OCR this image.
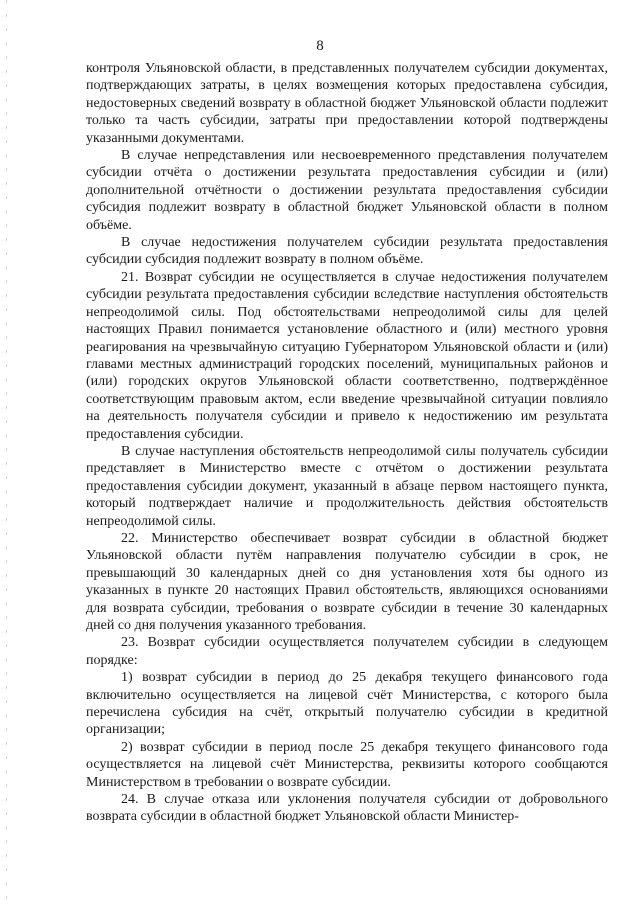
8

контроля Ульяновской области, в представленных получателем субсидии документах, подтверждающих затраты, в целях возмещения которых предоставлена субсидия, недостоверных сведений возврату в областной бюджет Ульяновской области подлежит только та часть субсидии, затраты при предоставлении которой подтверждены указанными документами.

В случае непредставления или несвоевременного представления получателем субсидии отчёта о достижении результата предоставления субсидии и (или) дополнительной отчётности о достижении результата предоставления субсидии субсидия подлежит возврату в областной бюджет Ульяновской области в полном объёме.

В случае недостижения получателем субсидии результата предоставления субсидии субсидия подлежит возврату в полном объёме.

21. Возврат субсидии не осуществляется в случае недостижения получателем субсидии результата предоставления субсидии вследствие наступления обстоятельств непреодолимой силы. Под обстоятельствами непреодолимой силы для целей настоящих Правил понимается установление областного и (или) местного уровня реагирования на чрезвычайную ситуацию Губернатором Ульяновской области и (или) главами местных администраций городских поселений, муниципальных районов и (или) городских округов Ульяновской области соответственно, подтверждённое соответствующим правовым актом, если введение чрезвычайной ситуации повлияло на деятельность получателя субсидии и привело к недостижению им результата предоставления субсидии.

В случае наступления обстоятельств непреодолимой силы получатель субсидии представляет в Министерство вместе с отчётом о достижении результата предоставления субсидии документ, указанный в абзаце первом настоящего пункта, который подтверждает наличие и продолжительность действия обстоятельств непреодолимой силы.

22. Министерство обеспечивает возврат субсидии в областной бюджет Ульяновской области путём направления получателю субсидии в срок, не превышающий 30 календарных дней со дня установления хотя бы одного из указанных в пункте 20 настоящих Правил обстоятельств, являющихся основаниями для возврата субсидии, требования о возврате субсидии в течение 30 календарных дней со дня получения указанного требования.

23. Возврат субсидии осуществляется получателем субсидии в следующем порядке:

1) возврат субсидии в период до 25 декабря текущего финансового года включительно осуществляется на лицевой счёт Министерства, с которого была перечислена субсидия на счёт, открытый получателю субсидии в кредитной организации;

2) возврат субсидии в период после 25 декабря текущего финансового года осуществляется на лицевой счёт Министерства, реквизиты которого сообщаются Министерством в требовании о возврате субсидии.

24. В случае отказа или уклонения получателя субсидии от добровольного возврата субсидии в областной бюджет Ульяновской области Министер-
